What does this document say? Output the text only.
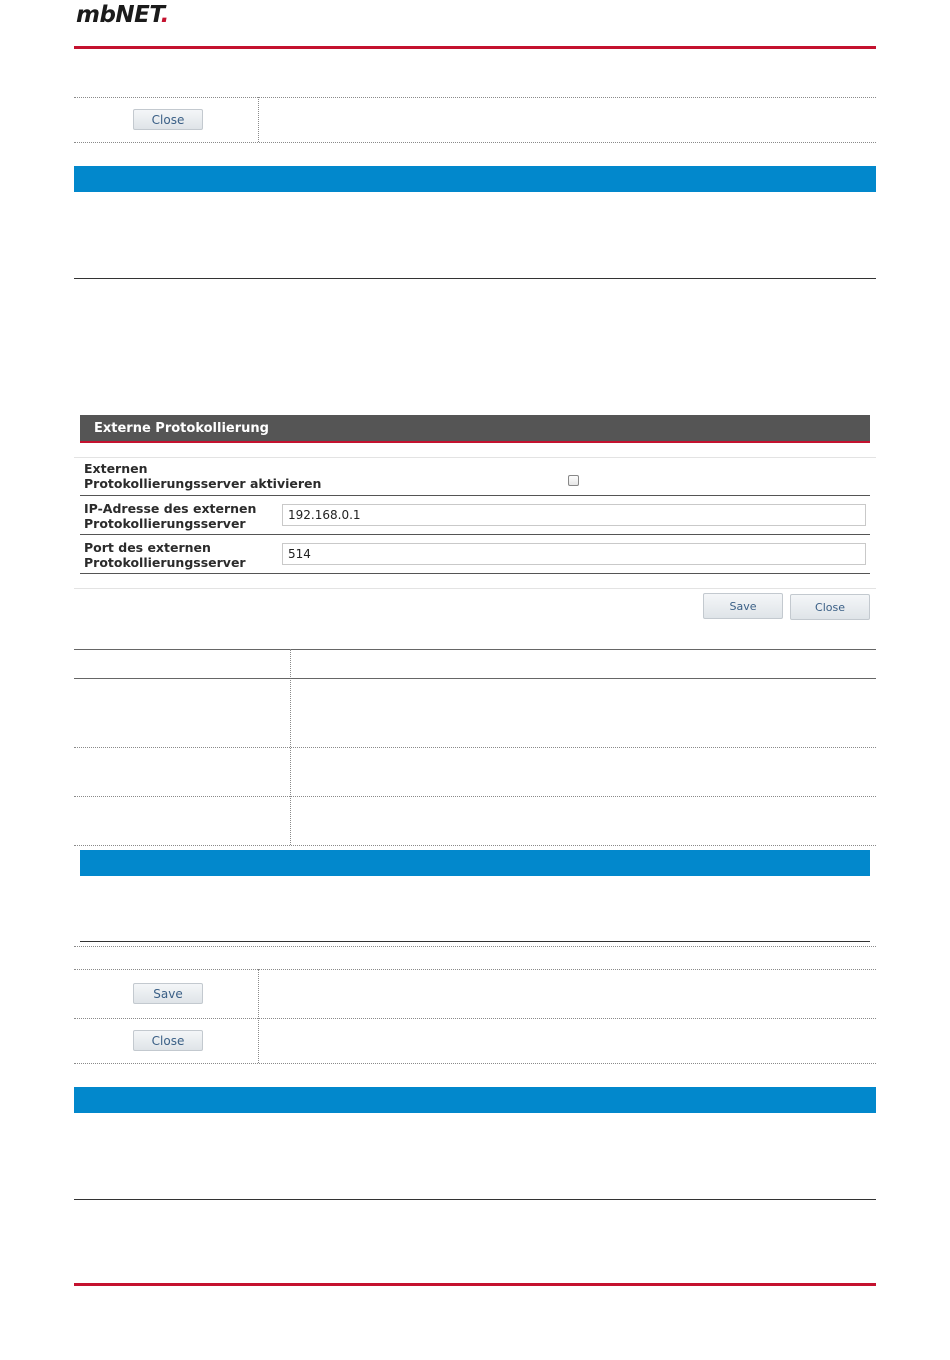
mbNET.
Close
Externe Protokollierung
Externen
Protokollierungsserver aktivieren
IP-Adresse des externen
Protokollierungsserver
192.168.0.1
Port des externen
Protokollierungsserver
514
Save	Close
Save
Close
